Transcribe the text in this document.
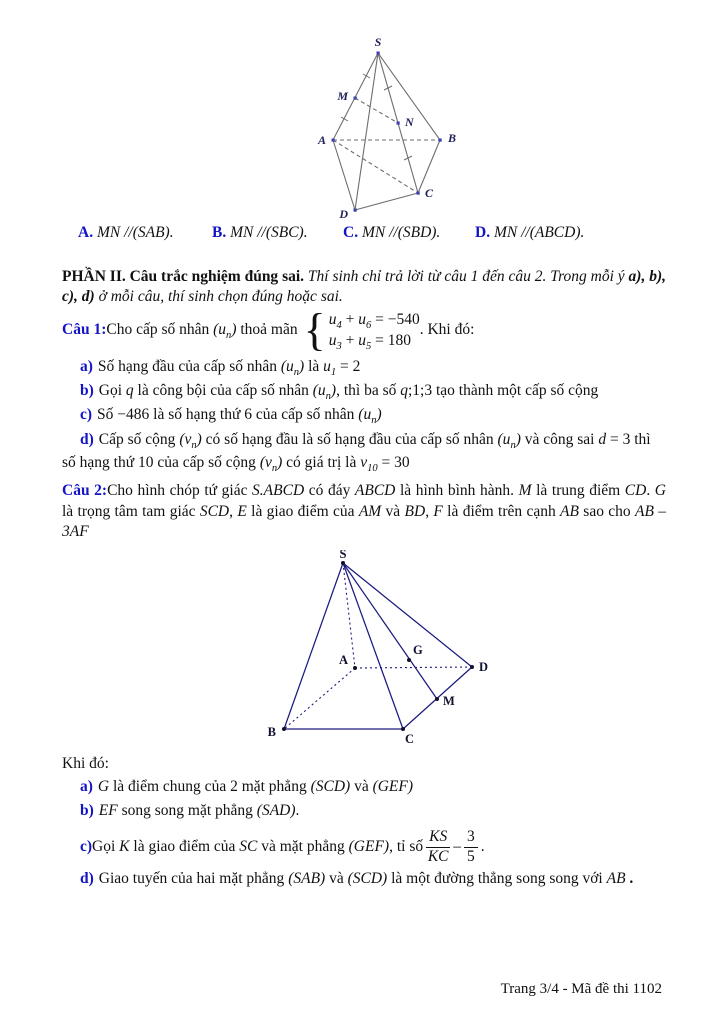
S
M
N
A	B
C
D
A. MN //(SAB). B. MN //(SBC). C. MN //(SBD). D. MN //(ABCD).

PHẦN II. Câu trắc nghiệm đúng sai. Thí sinh chỉ trả lời từ câu 1 đến câu 2. Trong mỗi ý a), b), c), d) ở mỗi câu, thí sinh chọn đúng hoặc sai.

Câu 1: Cho cấp số nhân $(u_n)$ thoả mãn { $u_4 + u_6 = -540$
$u_3 + u_5 = 180$
. Khi đó:

a) Số hạng đầu của cấp số nhân $(u_n)$ là $u_1 = 2$

b) Gọi q là công bội của cấp số nhân $(u_n)$, thì ba số q;1;3 tạo thành một cấp số cộng

c) Số −486 là số hạng thứ 6 của cấp số nhân $(u_n)$

d) Cấp số cộng $(v_n)$ có số hạng đầu là số hạng đầu của cấp số nhân $(u_n)$ và công sai d = 3 thì số hạng thứ 10 của cấp số cộng $(v_n)$ có giá trị là $v_{10} = 30$

Câu 2:Cho hình chóp tứ giác S.ABCD có đáy ABCD là hình bình hành. M là trung điểm CD. G là trọng tâm tam giác SCD, E là giao điểm của AM và BD, F là điểm trên cạnh AB sao cho AB – 3AF

S
A
G
D
M
B	C

Khi đó:

a) G là điểm chung của 2 mặt phẳng (SCD) và (GEF)

b) EF song song mặt phẳng (SAD).

c) Gọi K là giao điểm của SC và mặt phẳng (GEF), tỉ số $\frac{KS}{KC} - \frac{3}{5}$ .

d) Giao tuyến của hai mặt phẳng (SAB) và (SCD) là một đường thẳng song song với AB .

Trang 3/4 - Mã đề thi 1102
